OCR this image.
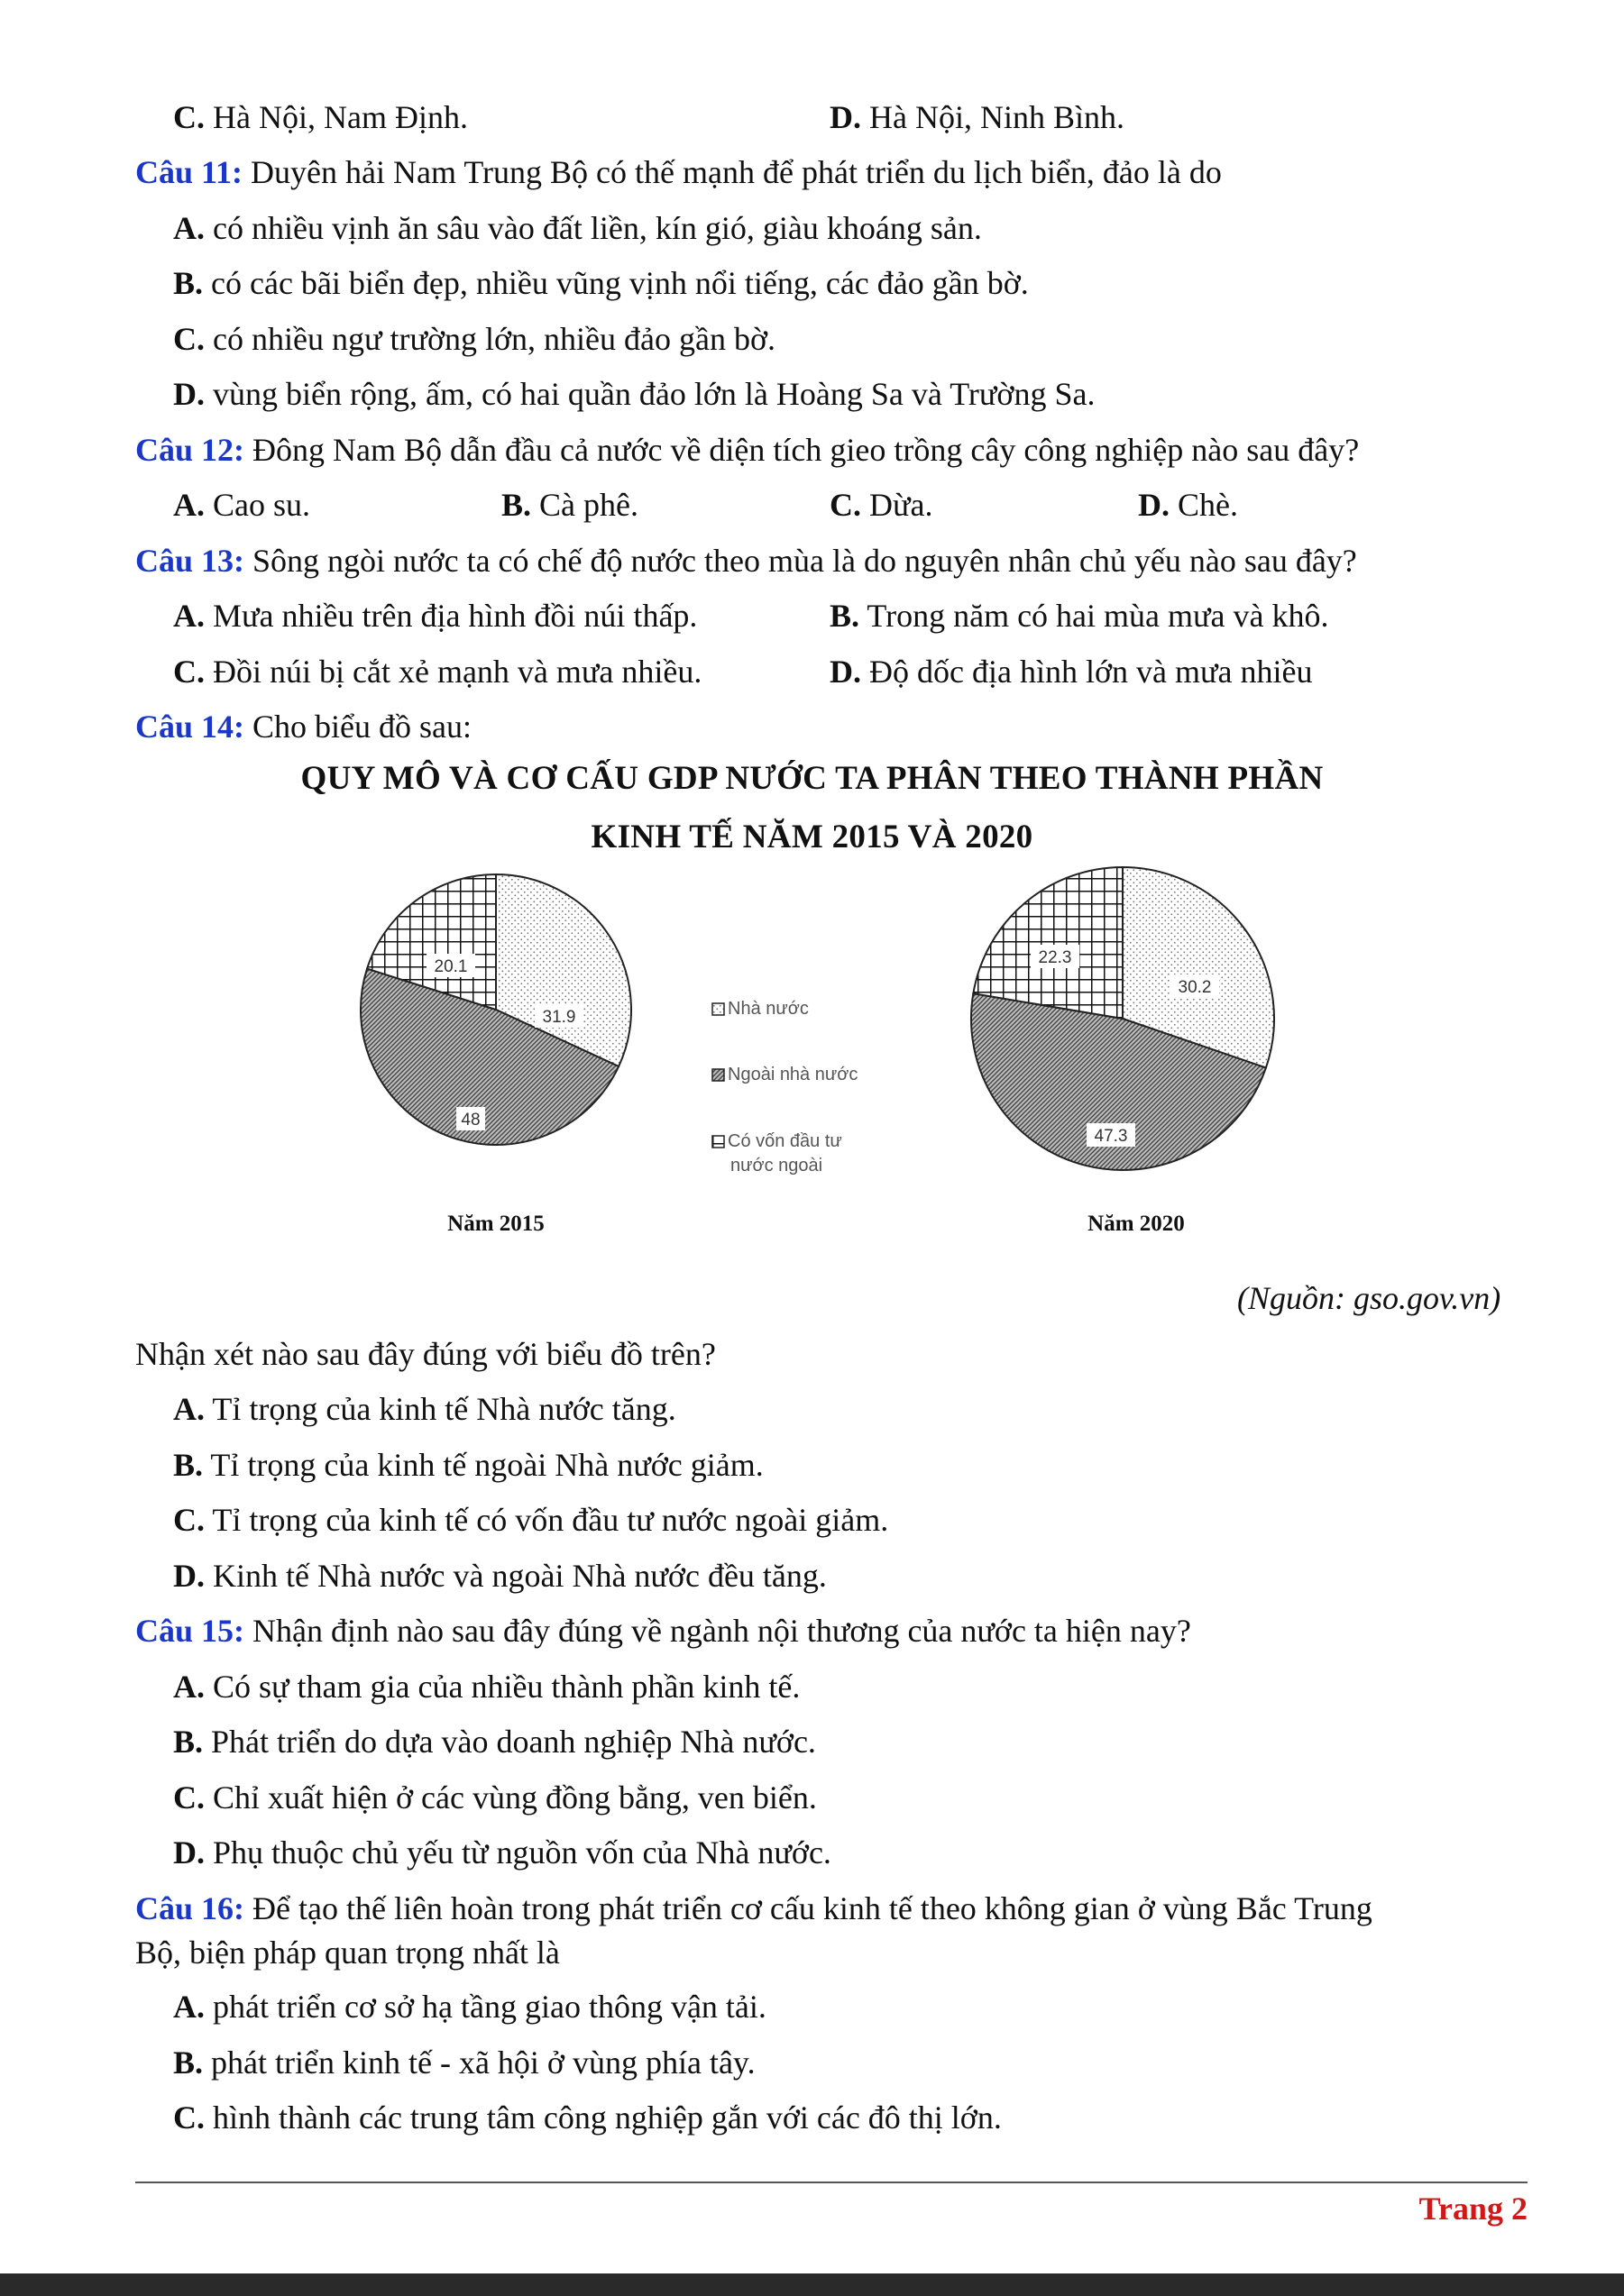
C. Hà Nội, Nam Định.	D. Hà Nội, Ninh Bình.
Câu 11: Duyên hải Nam Trung Bộ có thế mạnh để phát triển du lịch biển, đảo là do
A. có nhiều vịnh ăn sâu vào đất liền, kín gió, giàu khoáng sản.
B. có các bãi biển đẹp, nhiều vũng vịnh nổi tiếng, các đảo gần bờ.
C. có nhiều ngư trường lớn, nhiều đảo gần bờ.
D. vùng biển rộng, ấm, có hai quần đảo lớn là Hoàng Sa và Trường Sa.
Câu 12: Đông Nam Bộ dẫn đầu cả nước về diện tích gieo trồng cây công nghiệp nào sau đây?
A. Cao su.	B. Cà phê.	C. Dừa.	D. Chè.
Câu 13: Sông ngòi nước ta có chế độ nước theo mùa là do nguyên nhân chủ yếu nào sau đây?
A. Mưa nhiều trên địa hình đồi núi thấp.	B. Trong năm có hai mùa mưa và khô.
C. Đồi núi bị cắt xẻ mạnh và mưa nhiều.	D. Độ dốc địa hình lớn và mưa nhiều
Câu 14: Cho biểu đồ sau:
QUY MÔ VÀ CƠ CẤU GDP NƯỚC TA PHÂN THEO THÀNH PHẦN
KINH TẾ NĂM 2015 VÀ 2020
31.9
48
20.1
Năm 2015
30.2
47.3
22.3
Năm 2020
Nhà nước
Ngoài nhà nước
Có vốn đầu tư
nước ngoài
(Nguồn: gso.gov.vn)
Nhận xét nào sau đây đúng với biểu đồ trên?
A. Tỉ trọng của kinh tế Nhà nước tăng.
B. Tỉ trọng của kinh tế ngoài Nhà nước giảm.
C. Tỉ trọng của kinh tế có vốn đầu tư nước ngoài giảm.
D. Kinh tế Nhà nước và ngoài Nhà nước đều tăng.
Câu 15: Nhận định nào sau đây đúng về ngành nội thương của nước ta hiện nay?
A. Có sự tham gia của nhiều thành phần kinh tế.
B. Phát triển do dựa vào doanh nghiệp Nhà nước.
C. Chỉ xuất hiện ở các vùng đồng bằng, ven biển.
D. Phụ thuộc chủ yếu từ nguồn vốn của Nhà nước.
Câu 16: Để tạo thế liên hoàn trong phát triển cơ cấu kinh tế theo không gian ở vùng Bắc Trung
Bộ, biện pháp quan trọng nhất là
A. phát triển cơ sở hạ tầng giao thông vận tải.
B. phát triển kinh tế - xã hội ở vùng phía tây.
C. hình thành các trung tâm công nghiệp gắn với các đô thị lớn.
Trang 2
